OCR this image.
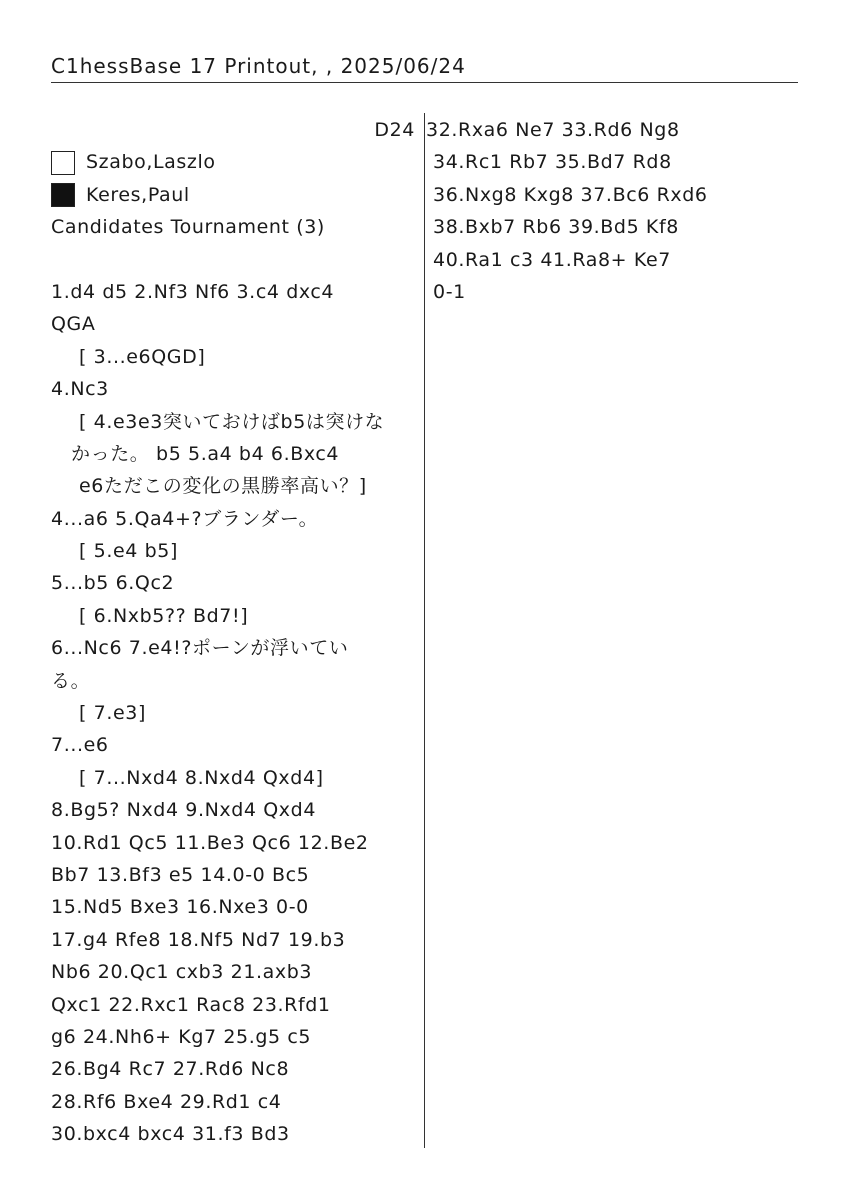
C1hessBase 17 Printout, , 2025/06/24
D24
Szabo,Laszlo
Keres,Paul
Candidates Tournament (3)
1.d4 d5 2.Nf3 Nf6 3.c4 dxc4
QGA
[ 3...e6QGD]
4.Nc3
[ 4.e3e3突いておけばb5は突けな
かった。 b5 5.a4 b4 6.Bxc4
e6ただこの変化の黒勝率高い？]
4...a6 5.Qa4+?ブランダー。
[ 5.e4 b5]
5...b5 6.Qc2
[ 6.Nxb5?? Bd7!]
6...Nc6 7.e4!?ポーンが浮いてい
る。
[ 7.e3]
7...e6
[ 7...Nxd4 8.Nxd4 Qxd4]
8.Bg5? Nxd4 9.Nxd4 Qxd4
10.Rd1 Qc5 11.Be3 Qc6 12.Be2
Bb7 13.Bf3 e5 14.0-0 Bc5
15.Nd5 Bxe3 16.Nxe3 0-0
17.g4 Rfe8 18.Nf5 Nd7 19.b3
Nb6 20.Qc1 cxb3 21.axb3
Qxc1 22.Rxc1 Rac8 23.Rfd1
g6 24.Nh6+ Kg7 25.g5 c5
26.Bg4 Rc7 27.Rd6 Nc8
28.Rf6 Bxe4 29.Rd1 c4
30.bxc4 bxc4 31.f3 Bd3
32.Rxa6 Ne7 33.Rd6 Ng8
34.Rc1 Rb7 35.Bd7 Rd8
36.Nxg8 Kxg8 37.Bc6 Rxd6
38.Bxb7 Rb6 39.Bd5 Kf8
40.Ra1 c3 41.Ra8+ Ke7
0-1
